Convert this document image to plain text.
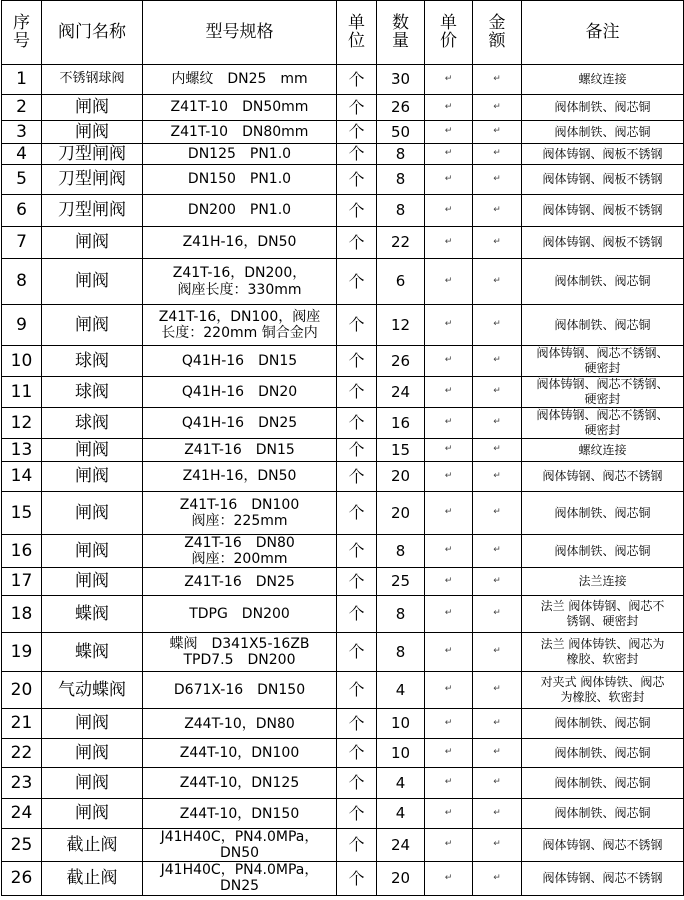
序号	阀门名称	型号规格	单位	数量	单价	金额	备注
1	不锈钢球阀	内螺纹　DN25　mm	个	30	↵	↵	螺纹连接
2	闸阀	Z41T-10　DN50mm	个	26	↵	↵	阀体制铁、阀芯铜
3	闸阀	Z41T-10　DN80mm	个	50	↵	↵	阀体制铁、阀芯铜
4	刀型闸阀	DN125　PN1.0	个	8	↵	↵	阀体铸钢、阀板不锈钢
5	刀型闸阀	DN150　PN1.0	个	8	↵	↵	阀体铸钢、阀板不锈钢
6	刀型闸阀	DN200　PN1.0	个	8	↵	↵	阀体铸钢、阀板不锈钢
7	闸阀	Z41H-16，DN50	个	22	↵	↵	阀体铸钢、阀板不锈钢
8	闸阀	Z41T-16，DN200，
阀座长度：330mm	个	6	↵	↵	阀体制铁、阀芯铜
9	闸阀	Z41T-16，DN100，阀座
长度：220mm 铜合金内	个	12	↵	↵	阀体制铁、阀芯铜
10	球阀	Q41H-16　DN15	个	26	↵	↵	阀体铸钢、阀芯不锈钢、
硬密封
11	球阀	Q41H-16　DN20	个	24	↵	↵	阀体铸钢、阀芯不锈钢、
硬密封
12	球阀	Q41H-16　DN25	个	16	↵	↵	阀体铸钢、阀芯不锈钢、
硬密封
13	闸阀	Z41T-16　DN15	个	15	↵	↵	螺纹连接
14	闸阀	Z41H-16，DN50	个	20	↵	↵	阀体铸钢、阀芯不锈钢
15	闸阀	Z41T-16　DN100
阀座：225mm	个	20	↵	↵	阀体制铁、阀芯铜
16	闸阀	Z41T-16　DN80
阀座：200mm	个	8	↵	↵	阀体制铁、阀芯铜
17	闸阀	Z41T-16　DN25	个	25	↵	↵	法兰连接
18	蝶阀	TDPG　DN200	个	8	↵	↵	法兰 阀体铸钢、阀芯不
锈钢、硬密封
19	蝶阀	蝶阀　D341X5-16ZB
TPD7.5　DN200	个	8	↵	↵	法兰 阀体铸铁、阀芯为
橡胶、软密封
20	气动蝶阀	D671X-16　DN150	个	4	↵	↵	对夹式 阀体铸铁、阀芯
为橡胶、软密封
21	闸阀	Z44T-10，DN80	个	10	↵	↵	阀体制铁、阀芯铜
22	闸阀	Z44T-10，DN100	个	10	↵	↵	阀体制铁、阀芯铜
23	闸阀	Z44T-10，DN125	个	4	↵	↵	阀体制铁、阀芯铜
24	闸阀	Z44T-10，DN150	个	4	↵	↵	阀体制铁、阀芯铜
25	截止阀	J41H40C，PN4.0MPa，
DN50	个	24	↵	↵	阀体铸钢、阀芯不锈钢
26	截止阀	J41H40C，PN4.0MPa，
DN25	个	20	↵	↵	阀体铸钢、阀芯不锈钢
